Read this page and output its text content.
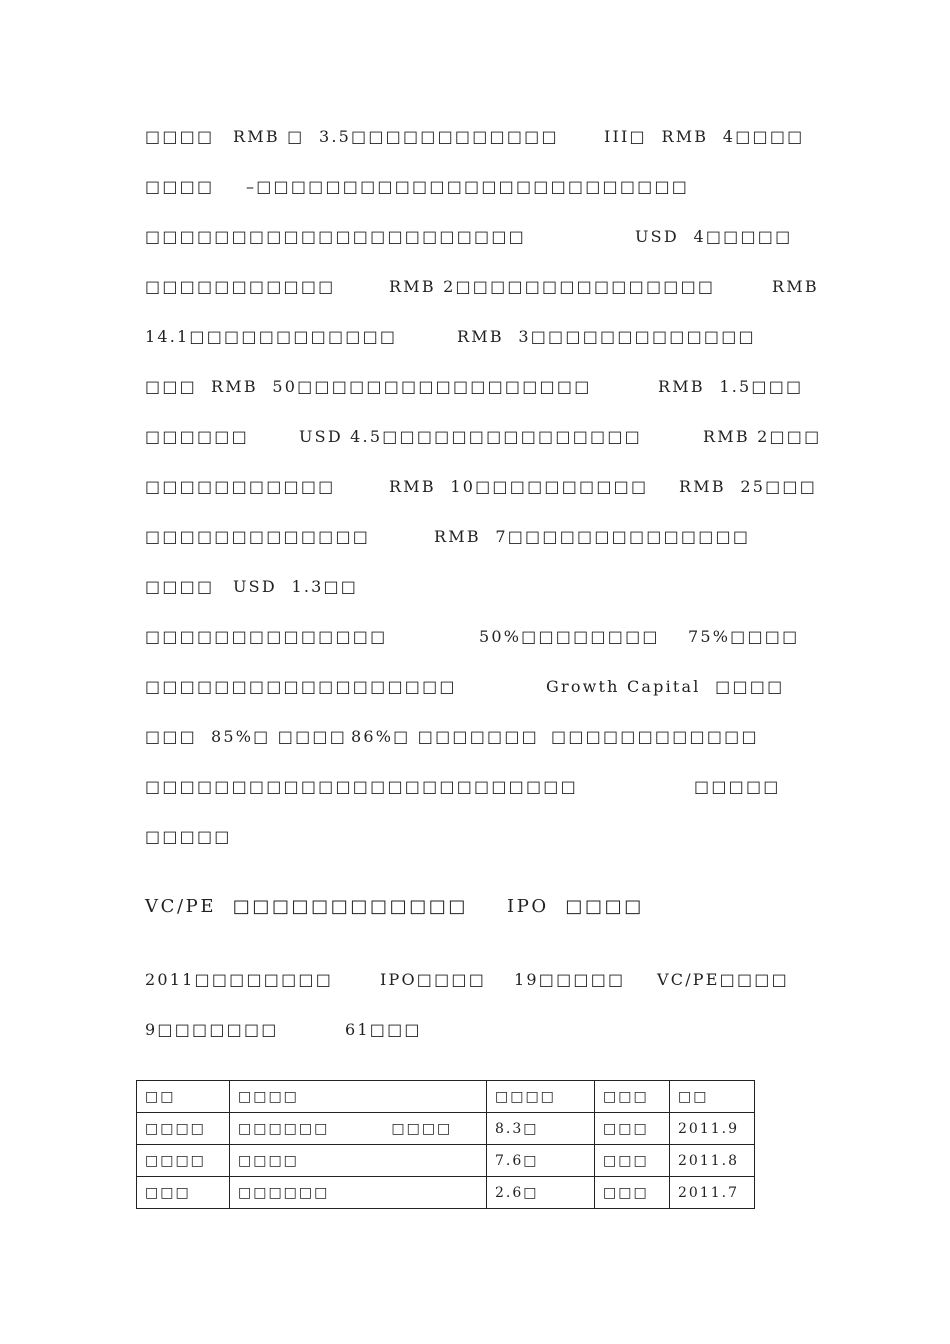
□□□□ RMB □  3.5□□□□□□□□□□□□	III□  RMB  4□□□□
□□□□ –□□□□□□□□□□□□□□□□□□□□□□□□□
□□□□□□□□□□□□□□□□□□□□□□	USD  4□□□□□
□□□□□□□□□□□	RMB 2□□□□□□□□□□□□□□□	RMB
14.1□□□□□□□□□□□□	RMB  3□□□□□□□□□□□□□
□□□ RMB  50□□□□□□□□□□□□□□□□□	RMB  1.5□□□
□□□□□□	USD 4.5□□□□□□□□□□□□□□□	RMB 2□□□
□□□□□□□□□□□	RMB  10□□□□□□□□□□ RMB  25□□□
□□□□□□□□□□□□□	RMB  7□□□□□□□□□□□□□□
□□□□ USD  1.3□□
□□□□□□□□□□□□□□	50%□□□□□□□□ 75%□□□□
□□□□□□□□□□□□□□□□□□	Growth Capital  □□□□
□□□ 85%□ □□□□ 86%□ □□□□□□□ □□□□□□□□□□□□
□□□□□□□□□□□□□□□□□□□□□□□□□	□□□□□
□□□□□
VC/PE  □□□□□□□□□□□□ IPO  □□□□
2011□□□□□□□□	IPO□□□□ 19□□□□□ VC/PE□□□□
9□□□□□□□	61□□□
□□	□□□□	□□□□	□□□	□□
□□□□	□□□□□□ □□□□	8.3□	□□□	2011.9
□□□□	□□□□	7.6□	□□□	2011.8
□□□	□□□□□□	2.6□	□□□	2011.7
